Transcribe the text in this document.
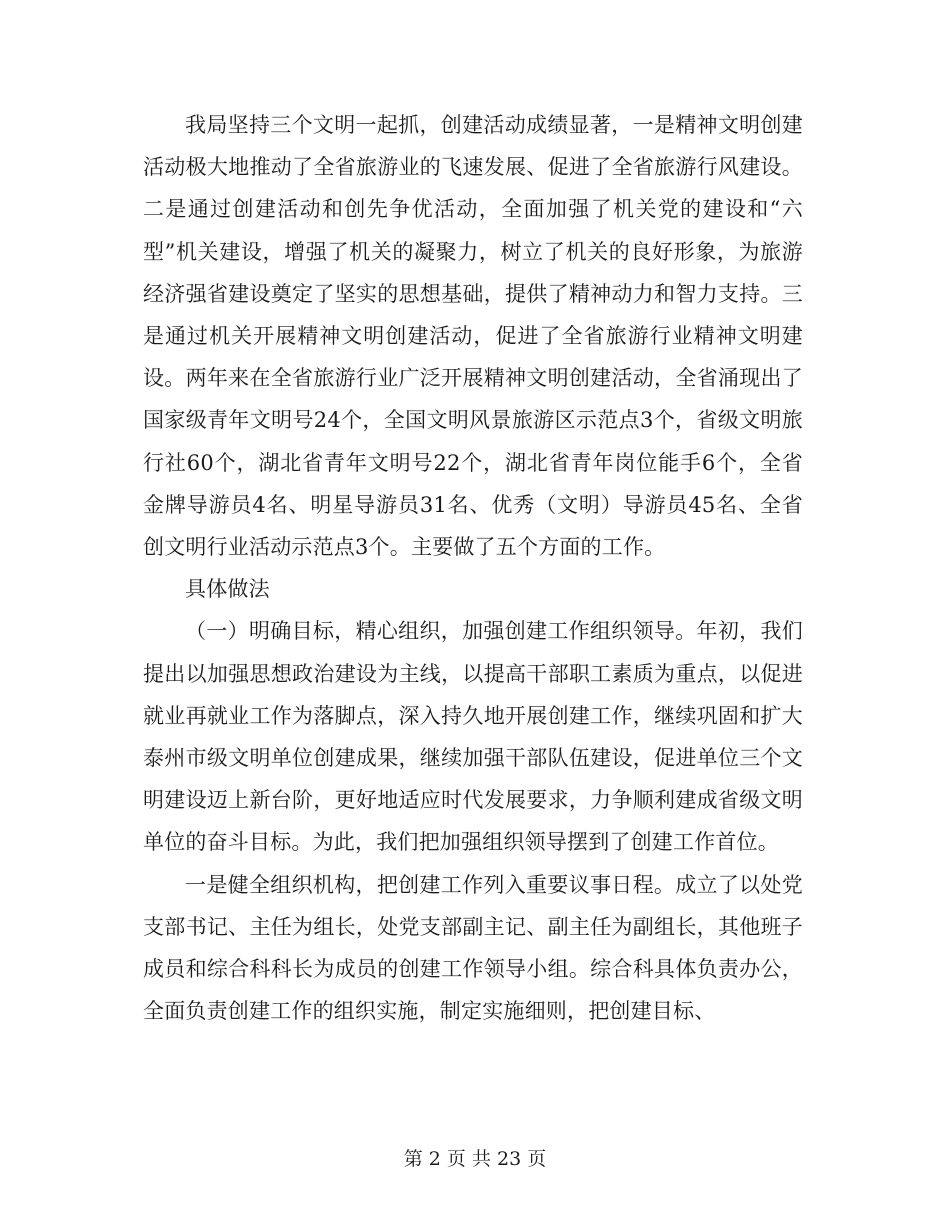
我局坚持三个文明一起抓，创建活动成绩显著，一是精神文明创建活动极大地推动了全省旅游业的飞速发展、促进了全省旅游行风建设。二是通过创建活动和创先争优活动，全面加强了机关党的建设和“六型”机关建设，增强了机关的凝聚力，树立了机关的良好形象，为旅游经济强省建设奠定了坚实的思想基础，提供了精神动力和智力支持。三是通过机关开展精神文明创建活动，促进了全省旅游行业精神文明建设。两年来在全省旅游行业广泛开展精神文明创建活动，全省涌现出了国家级青年文明号24个，全国文明风景旅游区示范点3个，省级文明旅行社60个，湖北省青年文明号22个，湖北省青年岗位能手6个，全省金牌导游员4名、明星导游员31名、优秀（文明）导游员45名、全省创文明行业活动示范点3个。主要做了五个方面的工作。

具体做法

（一）明确目标，精心组织，加强创建工作组织领导。年初，我们提出以加强思想政治建设为主线，以提高干部职工素质为重点，以促进就业再就业工作为落脚点，深入持久地开展创建工作，继续巩固和扩大泰州市级文明单位创建成果，继续加强干部队伍建设，促进单位三个文明建设迈上新台阶，更好地适应时代发展要求，力争顺利建成省级文明单位的奋斗目标。为此，我们把加强组织领导摆到了创建工作首位。

一是健全组织机构，把创建工作列入重要议事日程。成立了以处党支部书记、主任为组长，处党支部副主记、副主任为副组长，其他班子成员和综合科科长为成员的创建工作领导小组。综合科具体负责办公，全面负责创建工作的组织实施，制定实施细则，把创建目标、

第 2 页 共 23 页
